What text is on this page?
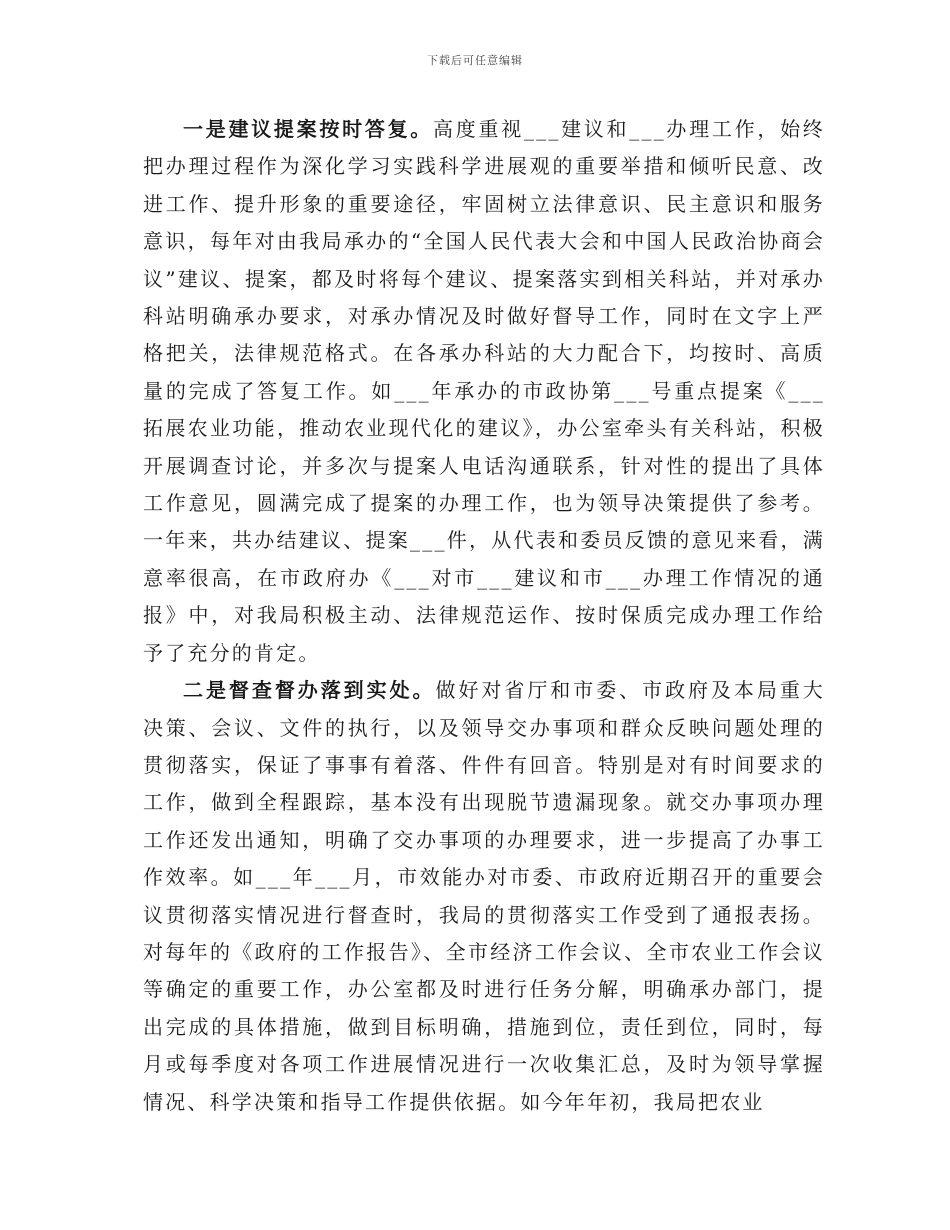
下载后可任意编辑

一是建议提案按时答复。高度重视___建议和___办理工作，始终把办理过程作为深化学习实践科学进展观的重要举措和倾听民意、改进工作、提升形象的重要途径，牢固树立法律意识、民主意识和服务意识，每年对由我局承办的“全国人民代表大会和中国人民政治协商会议”建议、提案，都及时将每个建议、提案落实到相关科站，并对承办科站明确承办要求，对承办情况及时做好督导工作，同时在文字上严格把关，法律规范格式。在各承办科站的大力配合下，均按时、高质量的完成了答复工作。如___年承办的市政协第___号重点提案《___拓展农业功能，推动农业现代化的建议》，办公室牵头有关科站，积极开展调查讨论，并多次与提案人电话沟通联系，针对性的提出了具体工作意见，圆满完成了提案的办理工作，也为领导决策提供了参考。一年来，共办结建议、提案___件，从代表和委员反馈的意见来看，满意率很高，在市政府办《___对市___建议和市___办理工作情况的通报》中，对我局积极主动、法律规范运作、按时保质完成办理工作给予了充分的肯定。

二是督查督办落到实处。做好对省厅和市委、市政府及本局重大决策、会议、文件的执行，以及领导交办事项和群众反映问题处理的贯彻落实，保证了事事有着落、件件有回音。特别是对有时间要求的工作，做到全程跟踪，基本没有出现脱节遗漏现象。就交办事项办理工作还发出通知，明确了交办事项的办理要求，进一步提高了办事工作效率。如___年___月，市效能办对市委、市政府近期召开的重要会议贯彻落实情况进行督查时，我局的贯彻落实工作受到了通报表扬。对每年的《政府的工作报告》、全市经济工作会议、全市农业工作会议等确定的重要工作，办公室都及时进行任务分解，明确承办部门，提出完成的具体措施，做到目标明确，措施到位，责任到位，同时，每月或每季度对各项工作进展情况进行一次收集汇总，及时为领导掌握情况、科学决策和指导工作提供依据。如今年年初，我局把农业
